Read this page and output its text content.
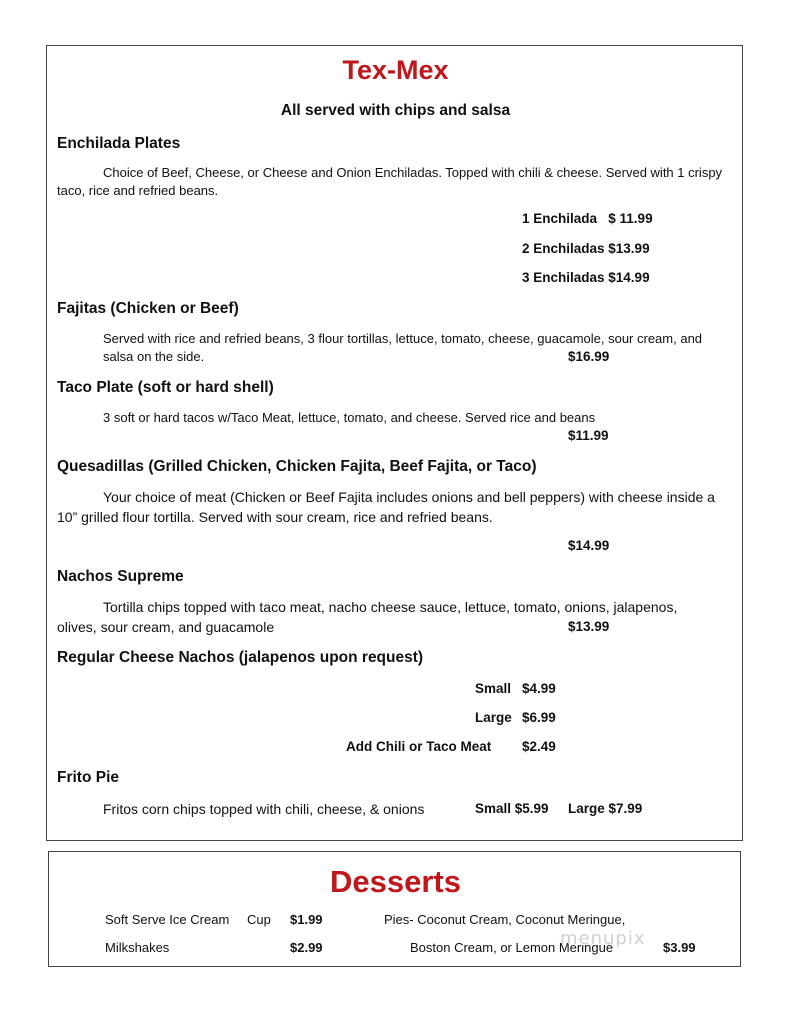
Tex-Mex
All served with chips and salsa
Enchilada Plates
Choice of Beef, Cheese, or Cheese and Onion Enchiladas. Topped with chili & cheese. Served with 1 crispy
taco, rice and refried beans.
1 Enchilada   $ 11.99
2 Enchiladas $13.99
3 Enchiladas $14.99
Fajitas (Chicken or Beef)
Served with rice and refried beans, 3 flour tortillas, lettuce, tomato, cheese, guacamole, sour cream, and
salsa on the side.	$16.99
Taco Plate (soft or hard shell)
3 soft or hard tacos w/Taco Meat, lettuce, tomato, and cheese. Served rice and beans
$11.99
Quesadillas (Grilled Chicken, Chicken Fajita, Beef Fajita, or Taco)
Your choice of meat (Chicken or Beef Fajita includes onions and bell peppers) with cheese inside a
10” grilled flour tortilla. Served with sour cream, rice and refried beans.
$14.99
Nachos Supreme
Tortilla chips topped with taco meat, nacho cheese sauce, lettuce, tomato, onions, jalapenos,
olives, sour cream, and guacamole	$13.99
Regular Cheese Nachos (jalapenos upon request)
Small $4.99
Large $6.99
Add Chili or Taco Meat $2.49
Frito Pie
Fritos corn chips topped with chili, cheese, & onions	Small $5.99 Large $7.99
Desserts
Soft Serve Ice Cream Cup $1.99
Milkshakes	$2.99
Pies- Coconut Cream, Coconut Meringue,
Boston Cream, or Lemon Meringue	$3.99
menupix
